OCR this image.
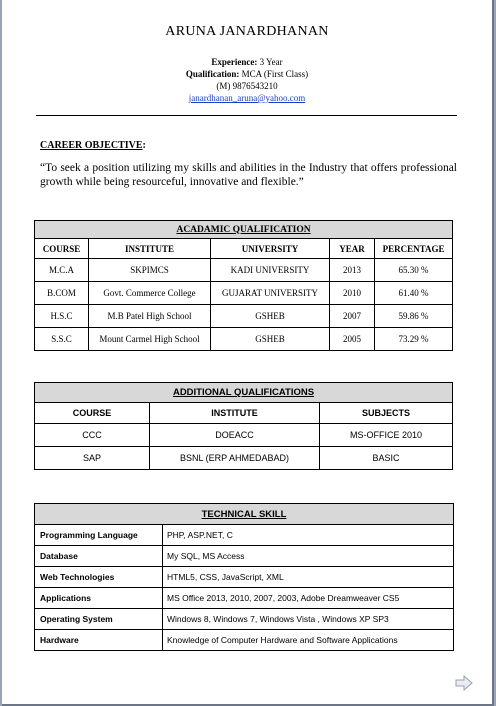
ARUNA JANARDHANAN
Experience: 3 Year
Qualification: MCA (First Class)
(M) 9876543210
janardhanan_aruna@yahoo.com
CAREER OBJECTIVE:
“To seek a position utilizing my skills and abilities in the Industry that offers professional growth while being resourceful, innovative and flexible.”
ACADAMIC QUALIFICATION				
COURSE	INSTITUTE	UNIVERSITY	YEAR	PERCENTAGE
M.C.A	SKPIMCS	KADI UNIVERSITY	2013	65.30 %
B.COM	Govt. Commerce College	GUJARAT UNIVERSITY	2010	61.40 %
H.S.C	M.B Patel High School	GSHEB	2007	59.86 %
S.S.C	Mount Carmel High School	GSHEB	2005	73.29 %
ADDITIONAL QUALIFICATIONS		
COURSE	INSTITUTE	SUBJECTS
CCC	DOEACC	MS-OFFICE 2010
SAP	BSNL (ERP AHMEDABAD)	BASIC
TECHNICAL SKILL	
Programming Language	PHP, ASP.NET, C
Database	My SQL, MS Access
Web Technologies	HTML5, CSS, JavaScript, XML
Applications	MS Office 2013, 2010, 2007, 2003, Adobe Dreamweaver CS5
Operating System	Windows 8, Windows 7, Windows Vista , Windows XP SP3
Hardware	Knowledge of Computer Hardware and Software Applications
